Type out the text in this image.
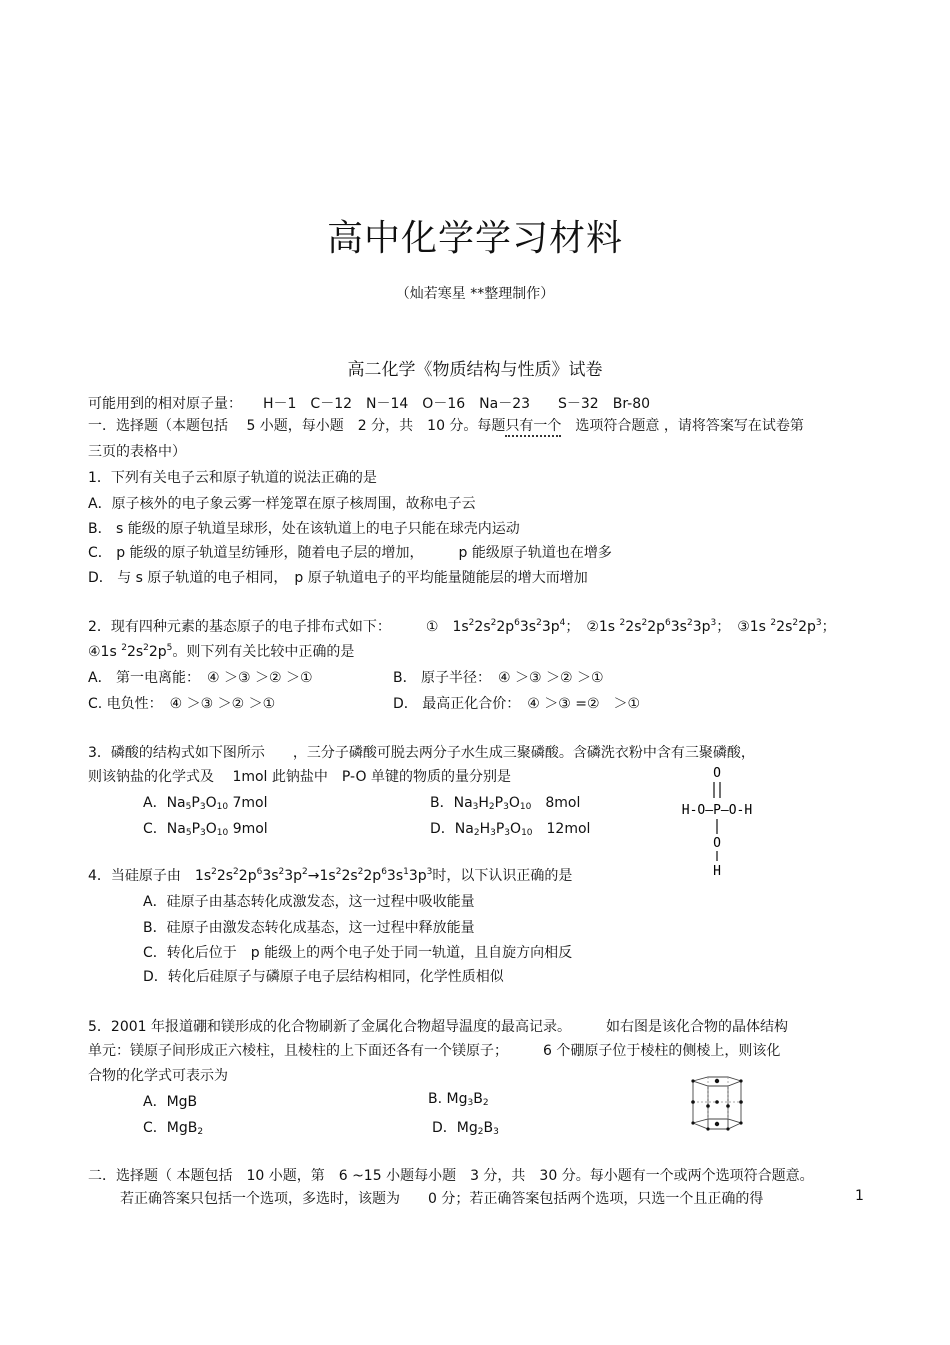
高中化学学习材料
（灿若寒星 **整理制作）
高二化学《物质结构与性质》试卷
可能用到的相对原子量：　　H－1　C－12　N－14　O－16　Na－23　　S－32　Br-80
一．选择题（本题包括　 5 小题，每小题　2 分，共　10 分。每题只有一个　选项符合题意 ，请将答案写在试卷第
三页的表格中）
1．下列有关电子云和原子轨道的说法正确的是
A．原子核外的电子象云雾一样笼罩在原子核周围，故称电子云
B． s 能级的原子轨道呈球形，处在该轨道上的电子只能在球壳内运动
C． p 能级的原子轨道呈纺锤形，随着电子层的增加，　　　p 能级原子轨道也在增多
D． 与 s 原子轨道的电子相同，　p 原子轨道电子的平均能量随能层的增大而增加
2．现有四种元素的基态原子的电子排布式如下：　　　①　$1s^22s^22p^63s^23p^4$；　②1s $^22s^22p^63s^23p^3$；　③1s $^22s^22p^3$；
④1s $^22s^22p^5$。则下列有关比较中正确的是
A． 第一电离能：　④ ＞③ ＞② ＞①	B． 原子半径：　④ ＞③ ＞② ＞①
C. 电负性：　④ ＞③ ＞② ＞①	D． 最高正化合价：　④ ＞③ =②　＞①
3．磷酸的结构式如下图所示　　，三分子磷酸可脱去两分子水生成三聚磷酸。含磷洗衣粉中含有三聚磷酸，
则该钠盐的化学式及　 1mol 此钠盐中　P-O 单键的物质的量分别是
A．$Na_5P_3O_{10}$ 7mol	B．$Na_3H_2P_3O_{10}$　 8mol
C．$Na_5P_3O_{10}$ 9mol	D．$Na_2H_3P_3O_{10}$　 12mol
O
H-O—P—O-H
O
H
4．当硅原子由　$1s^22s^22p^63s^23p^2\to 1s^22s^22p^63s^13p^3$时，以下认识正确的是
A．硅原子由基态转化成激发态，这一过程中吸收能量
B．硅原子由激发态转化成基态，这一过程中释放能量
C．转化后位于　p 能级上的两个电子处于同一轨道，且自旋方向相反
D．转化后硅原子与磷原子电子层结构相同，化学性质相似
5．2001 年报道硼和镁形成的化合物刷新了金属化合物超导温度的最高记录。　　　如右图是该化合物的晶体结构
单元：镁原子间形成正六棱柱，且棱柱的上下面还各有一个镁原子；　　　6 个硼原子位于棱柱的侧棱上，则该化
合物的化学式可表示为
A．MgB	B. $Mg_3B_2$
C．MgB$_2$	D．$Mg_2B_3$
二．选择题（ 本题包括　10 小题，第　6 ~15 小题每小题　3 分，共　30 分。每小题有一个或两个选项符合题意。
若正确答案只包括一个选项，多选时，该题为　　0 分；若正确答案包括两个选项，只选一个且正确的得	1
